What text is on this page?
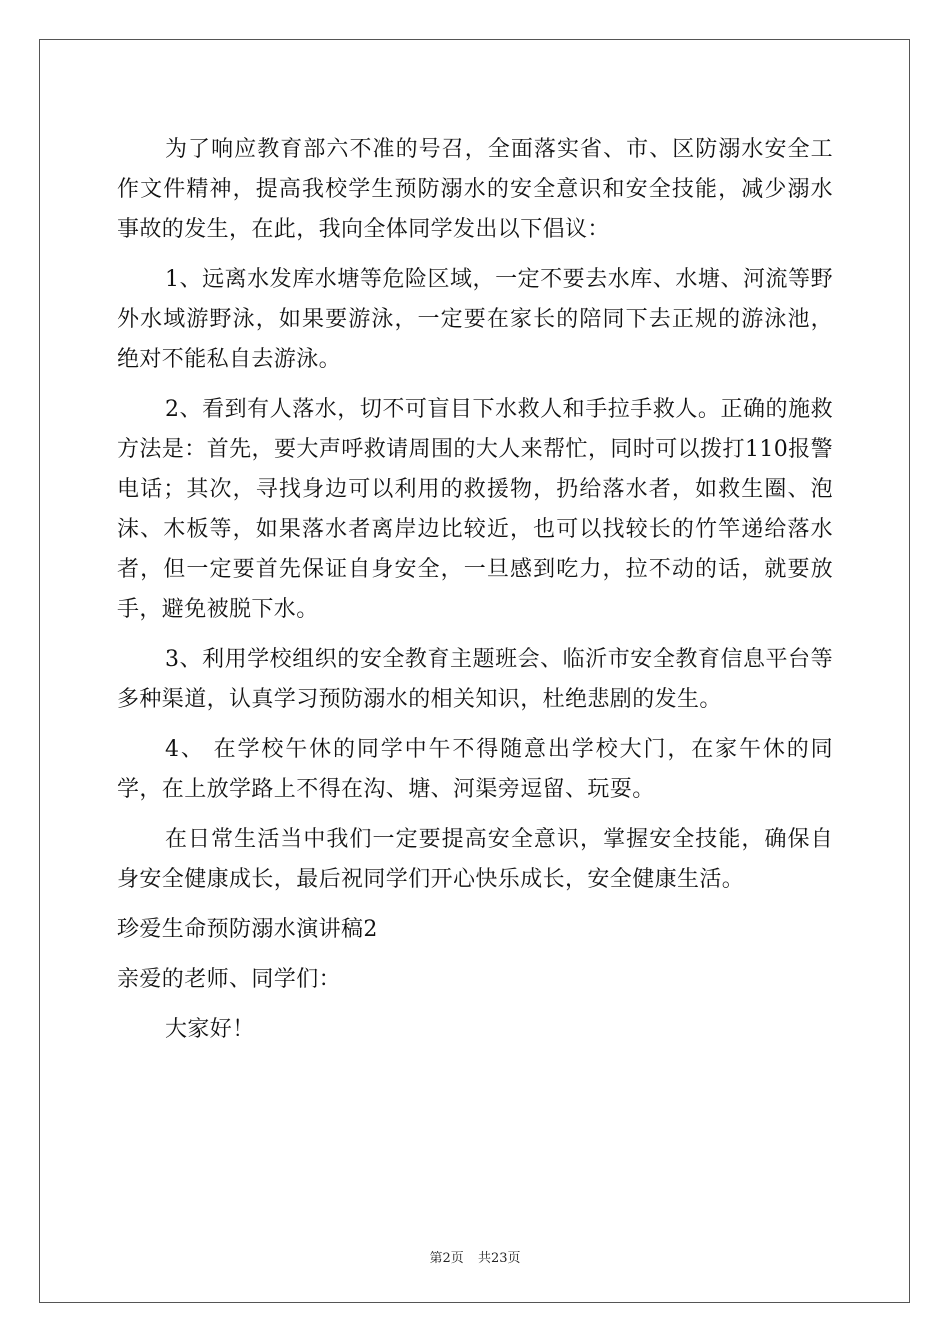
为了响应教育部六不准的号召，全面落实省、市、区防溺水安全工作文件精神，提高我校学生预防溺水的安全意识和安全技能，减少溺水事故的发生，在此，我向全体同学发出以下倡议：

1、远离水发库水塘等危险区域，一定不要去水库、水塘、河流等野外水域游野泳，如果要游泳，一定要在家长的陪同下去正规的游泳池，绝对不能私自去游泳。

2、看到有人落水，切不可盲目下水救人和手拉手救人。正确的施救方法是：首先，要大声呼救请周围的大人来帮忙，同时可以拨打110报警电话；其次，寻找身边可以利用的救援物，扔给落水者，如救生圈、泡沫、木板等，如果落水者离岸边比较近，也可以找较长的竹竿递给落水者，但一定要首先保证自身安全，一旦感到吃力，拉不动的话，就要放手，避免被脱下水。

3、利用学校组织的安全教育主题班会、临沂市安全教育信息平台等多种渠道，认真学习预防溺水的相关知识，杜绝悲剧的发生。

4、 在学校午休的同学中午不得随意出学校大门，在家午休的同学，在上放学路上不得在沟、塘、河渠旁逗留、玩耍。

在日常生活当中我们一定要提高安全意识，掌握安全技能，确保自身安全健康成长，最后祝同学们开心快乐成长，安全健康生活。

珍爱生命预防溺水演讲稿2

亲爱的老师、同学们：

大家好！

第2页 共23页
